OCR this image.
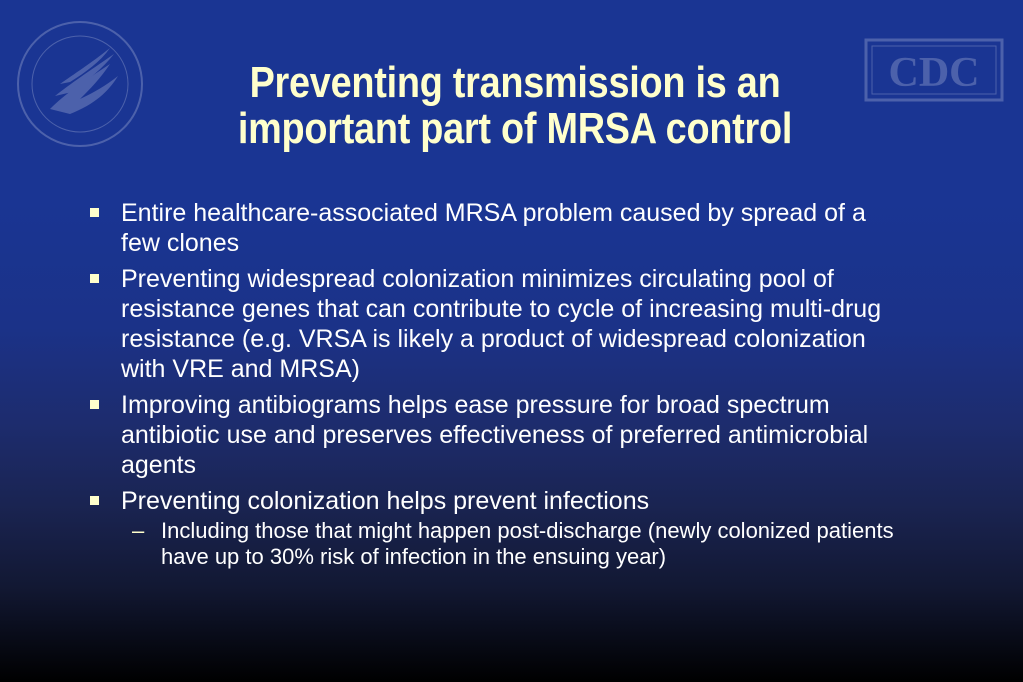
CDC
Preventing transmission is an
important part of MRSA control
Entire healthcare-associated MRSA problem caused by spread of a few clones
Preventing widespread colonization minimizes circulating pool of resistance genes that can contribute to cycle of increasing multi-drug resistance (e.g. VRSA is likely a product of widespread colonization with VRE and MRSA)
Improving antibiograms helps ease pressure for broad spectrum antibiotic use and preserves effectiveness of preferred antimicrobial agents
Preventing colonization helps prevent infections
– Including those that might happen post-discharge (newly colonized patients have up to 30% risk of infection in the ensuing year)
